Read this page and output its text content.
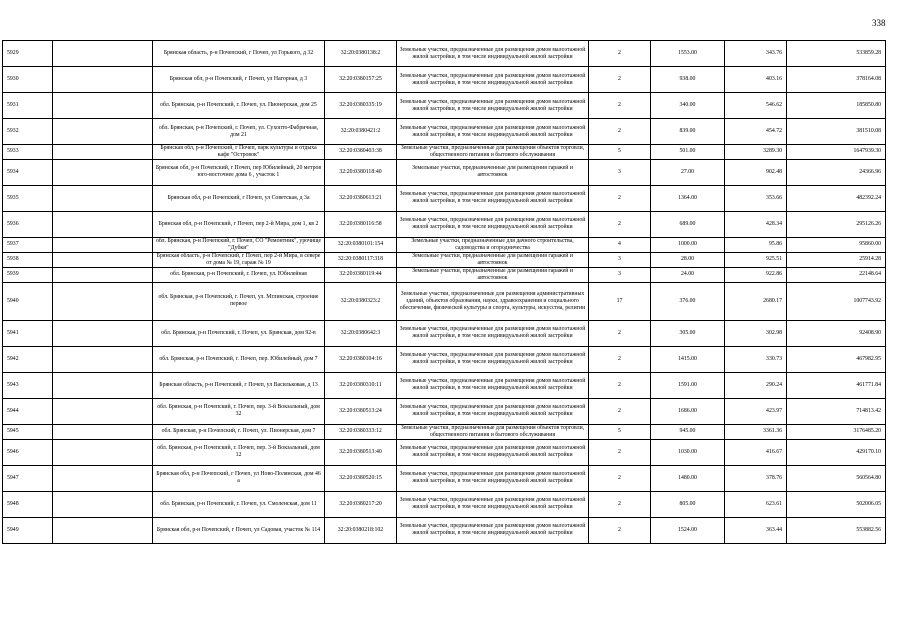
338
5929		Брянская область, р-н Почепский, г Почеп, ул Горького, д 32	32:20:0380138:2	Земельные участки, предназначенные для размещения домов малоэтажной жилой застройки, в том числе индивидуальной жилой застройки	2	1553.00	343.76	533859.28
5930		Брянская обл, р-н Почепский, г Почеп, ул Нагорная, д 3	32:20:0380157:25	Земельные участки, предназначенные для размещения домов малоэтажной жилой застройки, в том числе индивидуальной жилой застройки	2	938.00	403.16	378164.08
5931		обл. Брянская, р-н Почепский, г. Почеп, ул. Пионерская, дом 25	32:20:0380335:19	Земельные участки, предназначенные для размещения домов малоэтажной жилой застройки, в том числе индивидуальной жилой застройки	2	340.00	546.62	185850.80
5932		обл. Брянская, р-н Почепский, г. Почеп, ул. Сухопто-Фабричная, дом 21	32:20:0380421:2	Земельные участки, предназначенные для размещения домов малоэтажной жилой застройки, в том числе индивидуальной жилой застройки	2	839.00	454.72	381510.08
5933		Брянская обл, р-н Почепский, г Почеп, парк культуры и отдыха кафе "Островок"	32:20:0380403:38	Земельные участки, предназначенные для размещения объектов торговли, общественного питания и бытового обслуживания	5	501.00	3289.30	1647939.30
5934		Брянская обл, р-н Почепский, г Почеп, пер Юбилейный, 20 метров юго-восточнее дома 6 , участок 1	32:20:0380118:40	Земельные участки, предназначенные для размещения гаражей и автостоянок	3	27.00	902.48	24366.96
5935		Брянская обл, р-н Почепский, г Почеп, ул Советская, д 3а	32:20:0380613:21	Земельные участки, предназначенные для размещения домов малоэтажной жилой застройки, в том числе индивидуальной жилой застройки	2	1364.00	353.66	482392.24
5936		Брянская обл, р-н Почепский, г Почеп, пер 2-й Мира, дом 1, кв 2	32:20:0380116:58	Земельные участки, предназначенные для размещения домов малоэтажной жилой застройки, в том числе индивидуальной жилой застройки	2	689.00	428.34	295126.26
5937		обл. Брянская, р-н Почепский, г. Почеп, СО "Ремонтник", урочище "Дубки"	32:20:0380101:154	Земельные участки, предназначенные для дачного строительства, садоводства и огородничества	4	1000.00	95.86	95860.00
5938		Брянская область, р-н Почепский, г Почеп, пер 2-й Мира, в севере от дома № 19, гараж № 19	32:20:0380117:318	Земельные участки, предназначенные для размещения гаражей и автостоянок	3	28.00	925.51	25914.28
5939		обл. Брянская, р-н Почепский, г. Почеп, ул. Юбилейная	32:20:0380119:44	Земельные участки, предназначенные для размещения гаражей и автостоянок	3	24.00	922.86	22148.64
5940		обл. Брянская, р-н Почепский, г. Почеп, ул. Мглинская, строение первое	32:20:0380323:2	Земельные участки, предназначенные для размещения административных зданий, объектов образования, науки, здравоохранения и социального обеспечения, физической культуры и спорта, культуры, искусства, религии	17	376.00	2680.17	1007743.92
5941		обл. Брянская, р-н Почепский, г. Почеп, ул. Брянская, дом 92-в	32:20:0380642:3	Земельные участки, предназначенные для размещения домов малоэтажной жилой застройки, в том числе индивидуальной жилой застройки	2	305.00	302.98	92408.90
5942		обл. Брянская, р-н Почепский, г. Почеп, пер. Юбилейный, дом 7	32:20:0380104:16	Земельные участки, предназначенные для размещения домов малоэтажной жилой застройки, в том числе индивидуальной жилой застройки	2	1415.00	330.73	467982.95
5943		Брянская область, р-н Почепский, г Почеп, ул Васильковая, д 13	32:20:0380310:11	Земельные участки, предназначенные для размещения домов малоэтажной жилой застройки, в том числе индивидуальной жилой застройки	2	1591.00	290.24	461771.84
5944		обл. Брянская, р-н Почепский, г. Почеп, пер. 3-й Вокзальный, дом 32	32:20:0380513:24	Земельные участки, предназначенные для размещения домов малоэтажной жилой застройки, в том числе индивидуальной жилой застройки	2	1686.00	423.97	714813.42
5945		обл. Брянская, р-н Почепский, г. Почеп, ул. Пионерская, дом 7	32:20:0380333:12	Земельные участки, предназначенные для размещения объектов торговли, общественного питания и бытового обслуживания	5	945.00	3361.36	3176485.20
5946		обл. Брянская, р-н Почепский, г. Почеп, пер. 3-й Вокзальный, дом 12	32:20:0380513:40	Земельные участки, предназначенные для размещения домов малоэтажной жилой застройки, в том числе индивидуальной жилой застройки	2	1030.00	416.67	429170.10
5947		Брянская обл, р-н Почепский, г Почеп, ул Ново-Полянская, дом 46 а	32:20:0380520:15	Земельные участки, предназначенные для размещения домов малоэтажной жилой застройки, в том числе индивидуальной жилой застройки	2	1480.00	378.76	560564.80
5948		обл. Брянская, р-н Почепский, г. Почеп, ул. Смоленская, дом 11	32:20:0380217:20	Земельные участки, предназначенные для размещения домов малоэтажной жилой застройки, в том числе индивидуальной жилой застройки	2	805.00	623.61	502006.05
5949		Брянская обл, р-н Почепский, г Почеп, ул Садовая, участок № 114	32:20:0380218:102	Земельные участки, предназначенные для размещения домов малоэтажной жилой застройки, в том числе индивидуальной жилой застройки	2	1524.00	363.44	553882.56
